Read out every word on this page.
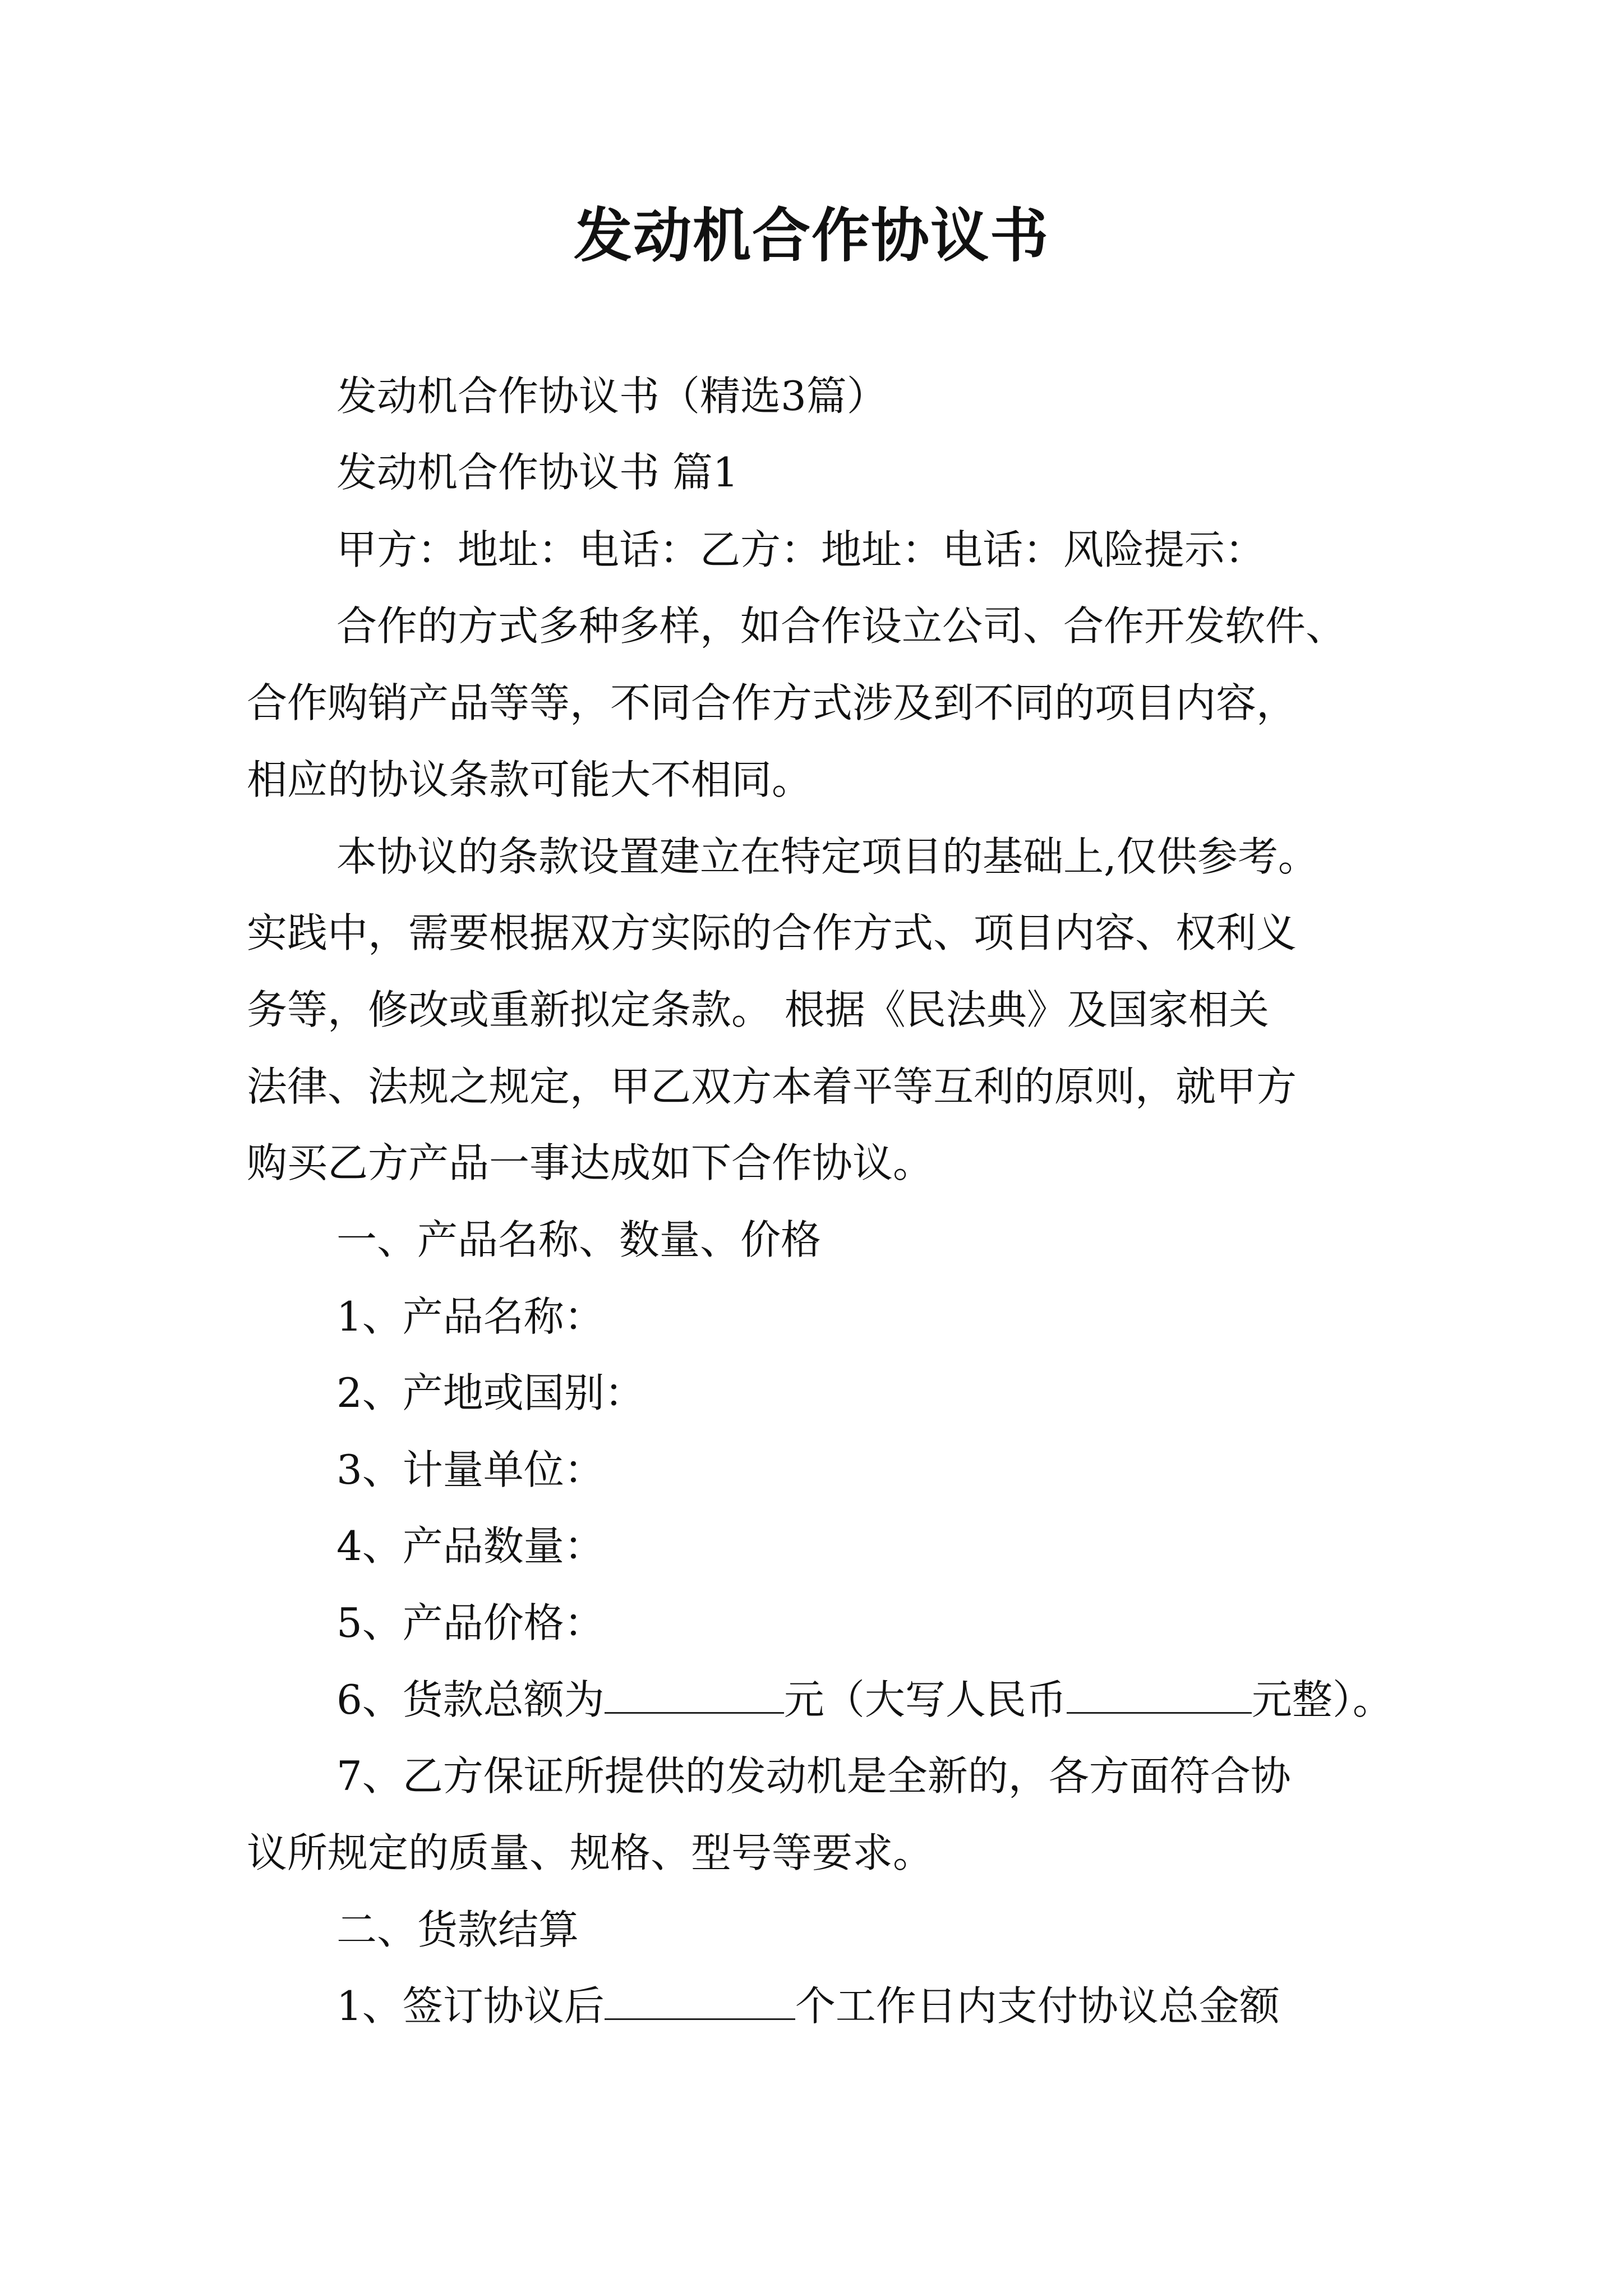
发动机合作协议书

发动机合作协议书（精选3篇）

发动机合作协议书 篇1

甲方：地址：电话：乙方：地址：电话：风险提示：

合作的方式多种多样，如合作设立公司、合作开发软件、

合作购销产品等等，不同合作方式涉及到不同的项目内容，

相应的协议条款可能大不相同。

本协议的条款设置建立在特定项目的基础上,仅供参考。

实践中，需要根据双方实际的合作方式、项目内容、权利义

务等，修改或重新拟定条款。 根据《民法典》及国家相关

法律、法规之规定，甲乙双方本着平等互利的原则，就甲方

购买乙方产品一事达成如下合作协议。

一、产品名称、数量、价格

1、产品名称：

2、产地或国别：

3、计量单位：

4、产品数量：

5、产品价格：

6、货款总额为	元（大写人民币	元整）。

7、乙方保证所提供的发动机是全新的，各方面符合协

议所规定的质量、规格、型号等要求。

二、货款结算

1、签订协议后	个工作日内支付协议总金额
